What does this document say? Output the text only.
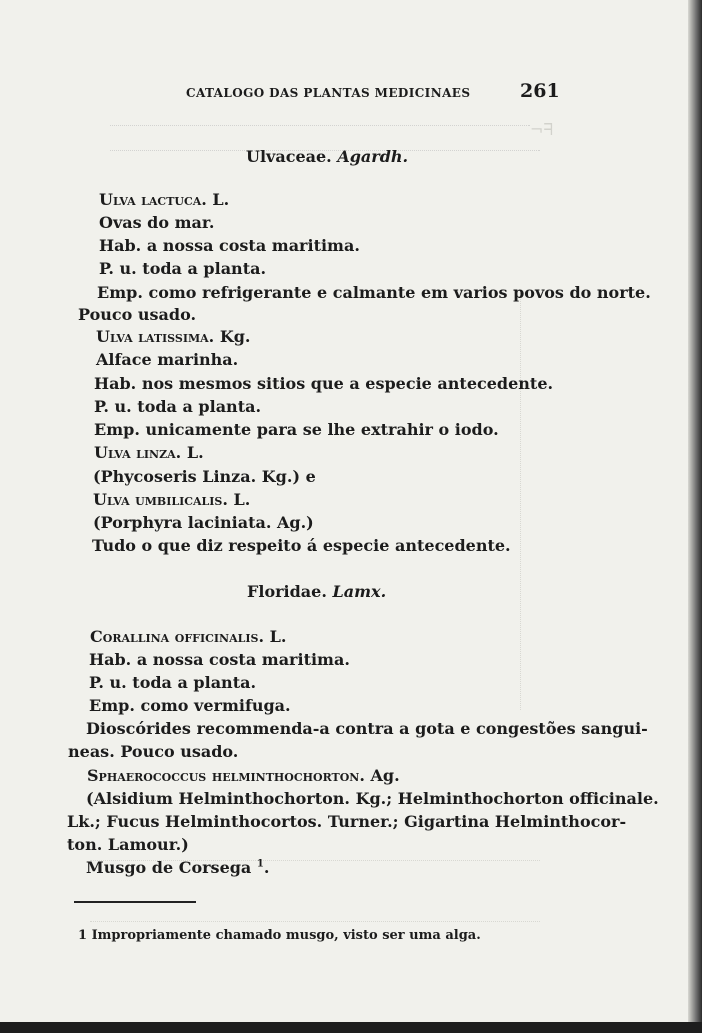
ᖴ⌐
CATALOGO DAS PLANTAS MEDICINAES	261
Ulvaceae. Agardh.
Ulva lactuca. L.
Ovas do mar.
Hab. a nossa costa maritima.
P. u. toda a planta.
Emp. como refrigerante e calmante em varios povos do norte.
Pouco usado.
Ulva latissima. Kg.
Alface marinha.
Hab. nos mesmos sitios que a especie antecedente.
P. u. toda a planta.
Emp. unicamente para se lhe extrahir o iodo.
Ulva linza. L.
(Phycoseris Linza. Kg.) e
Ulva umbilicalis. L.
(Porphyra laciniata. Ag.)
Tudo o que diz respeito á especie antecedente.
Floridae. Lamx.
Corallina officinalis. L.
Hab. a nossa costa maritima.
P. u. toda a planta.
Emp. como vermifuga.
Dioscórides recommenda-a contra a gota e congestões sangui-
neas. Pouco usado.
Sphaerococcus helminthochorton. Ag.
(Alsidium Helminthochorton. Kg.; Helminthochorton officinale.
Lk.; Fucus Helminthocortos. Turner.; Gigartina Helminthocor-
ton. Lamour.)
Musgo de Corsega $^1$.
1 Impropriamente chamado musgo, visto ser uma alga.
